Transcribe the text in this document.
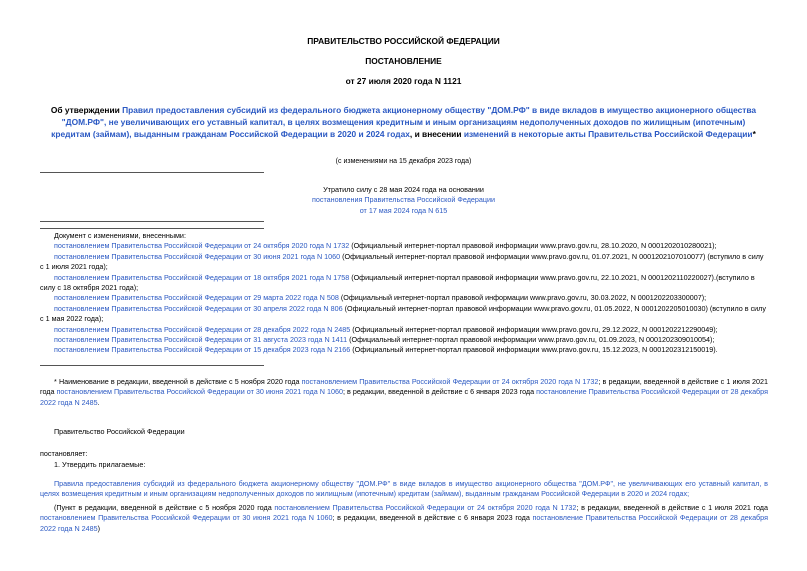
ПРАВИТЕЛЬСТВО РОССИЙСКОЙ ФЕДЕРАЦИИ
ПОСТАНОВЛЕНИЕ
от 27 июля 2020 года N 1121
Об утверждении Правил предоставления субсидий из федерального бюджета акционерному обществу "ДОМ.РФ" в виде вкладов в имущество акционерного общества "ДОМ.РФ", не увеличивающих его уставный капитал, в целях возмещения кредитным и иным организациям недополученных доходов по жилищным (ипотечным) кредитам (займам), выданным гражданам Российской Федерации в 2020 и 2024 годах, и внесении изменений в некоторые акты Правительства Российской Федерации*
(с изменениями на 15 декабря 2023 года)
Утратило силу с 28 мая 2024 года на основании
постановления Правительства Российской Федерации
от 17 мая 2024 года N 615

Документ с изменениями, внесенными:

постановлением Правительства Российской Федерации от 24 октября 2020 года N 1732 (Официальный интернет-портал правовой информации www.pravo.gov.ru, 28.10.2020, N 0001202010280021);

постановлением Правительства Российской Федерации от 30 июня 2021 года N 1060 (Официальный интернет-портал правовой информации www.pravo.gov.ru, 01.07.2021, N 0001202107010077) (вступило в силу с 1 июля 2021 года);

постановлением Правительства Российской Федерации от 18 октября 2021 года N 1758 (Официальный интернет-портал правовой информации www.pravo.gov.ru, 22.10.2021, N 0001202110220027).(вступило в силу с 18 октября 2021 года);

постановлением Правительства Российской Федерации от 29 марта 2022 года N 508 (Официальный интернет-портал правовой информации www.pravo.gov.ru, 30.03.2022, N 0001202203300007);

постановлением Правительства Российской Федерации от 30 апреля 2022 года N 806 (Официальный интернет-портал правовой информации www.pravo.gov.ru, 01.05.2022, N 0001202205010030) (вступило в силу с 1 мая 2022 года);

постановлением Правительства Российской Федерации от 28 декабря 2022 года N 2485 (Официальный интернет-портал правовой информации www.pravo.gov.ru, 29.12.2022, N 0001202212290049);

постановлением Правительства Российской Федерации от 31 августа 2023 года N 1411 (Официальный интернет-портал правовой информации www.pravo.gov.ru, 01.09.2023, N 0001202309010054);

постановлением Правительства Российской Федерации от 15 декабря 2023 года N 2166 (Официальный интернет-портал правовой информации www.pravo.gov.ru, 15.12.2023, N 0001202312150019).

* Наименование в редакции, введенной в действие с 5 ноября 2020 года постановлением Правительства Российской Федерации от 24 октября 2020 года N 1732; в редакции, введенной в действие с 1 июля 2021 года постановлением Правительства Российской Федерации от 30 июня 2021 года N 1060; в редакции, введенной в действие с 6 января 2023 года постановление Правительства Российской Федерации от 28 декабря 2022 года N 2485.

Правительство Российской Федерации
постановляет:
1. Утвердить прилагаемые:

Правила предоставления субсидий из федерального бюджета акционерному обществу "ДОМ.РФ" в виде вкладов в имущество акционерного общества "ДОМ.РФ", не увеличивающих его уставный капитал, в целях возмещения кредитным и иным организациям недополученных доходов по жилищным (ипотечным) кредитам (займам), выданным гражданам Российской Федерации в 2020 и 2024 годах;

(Пункт в редакции, введенной в действие с 5 ноября 2020 года постановлением Правительства Российской Федерации от 24 октября 2020 года N 1732; в редакции, введенной в действие с 1 июля 2021 года постановлением Правительства Российской Федерации от 30 июня 2021 года N 1060; в редакции, введенной в действие с 6 января 2023 года постановление Правительства Российской Федерации от 28 декабря 2022 года N 2485)
